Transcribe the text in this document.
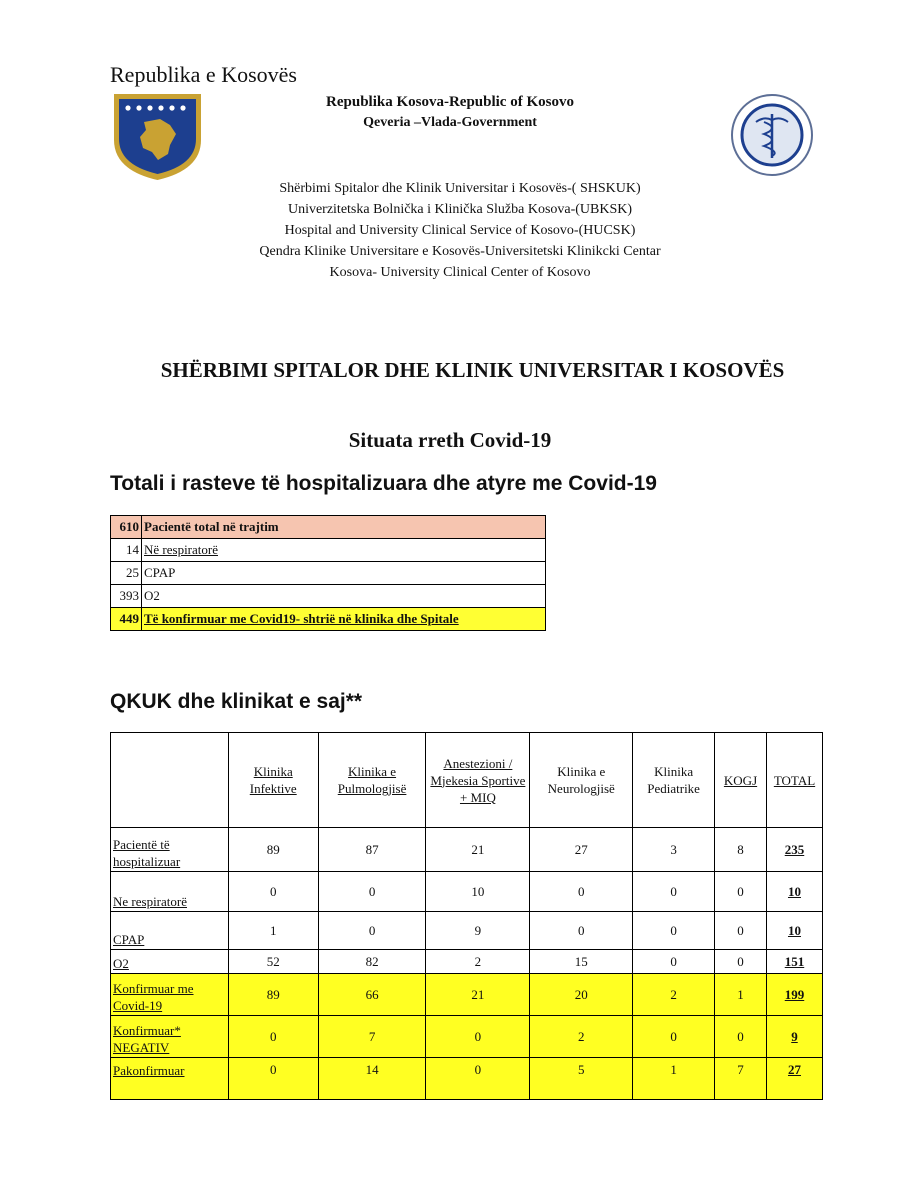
Republika e Kosovës
Republika Kosova-Republic of Kosovo
Qeveria –Vlada-Government
Shërbimi Spitalor dhe Klinik Universitar i Kosovës-( SHSKUK)
Univerzitetska Bolnička i Klinička Služba Kosova-(UBKSK)
Hospital and University Clinical Service of Kosovo-(HUCSK)
Qendra Klinike Universitare e Kosovës-Universitetski Klinikcki Centar
Kosova- University Clinical Center of Kosovo
SHËRBIMI SPITALOR DHE KLINIK UNIVERSITAR I KOSOVËS
Situata rreth Covid-19
Totali i rasteve të hospitalizuara dhe atyre me Covid-19
610	Pacientë total në trajtim
14	Në respiratorë
25	CPAP
393	O2
449	Të konfirmuar me Covid19- shtrië në klinika dhe Spitale
QKUK dhe klinikat e saj**
	Klinika Infektive	Klinika e Pulmologjisë	Anestezioni / Mjekesia Sportive + MIQ	Klinika e Neurologjisë	Klinika Pediatrike	KOGJ	TOTAL
Pacientë të hospitalizuar	89	87	21	27	3	8	235
Ne respiratorë	0	0	10	0	0	0	10
CPAP	1	0	9	0	0	0	10
O2	52	82	2	15	0	0	151
Konfirmuar me Covid-19	89	66	21	20	2	1	199
Konfirmuar* NEGATIV	0	7	0	2	0	0	9
Pakonfirmuar	0	14	0	5	1	7	27
